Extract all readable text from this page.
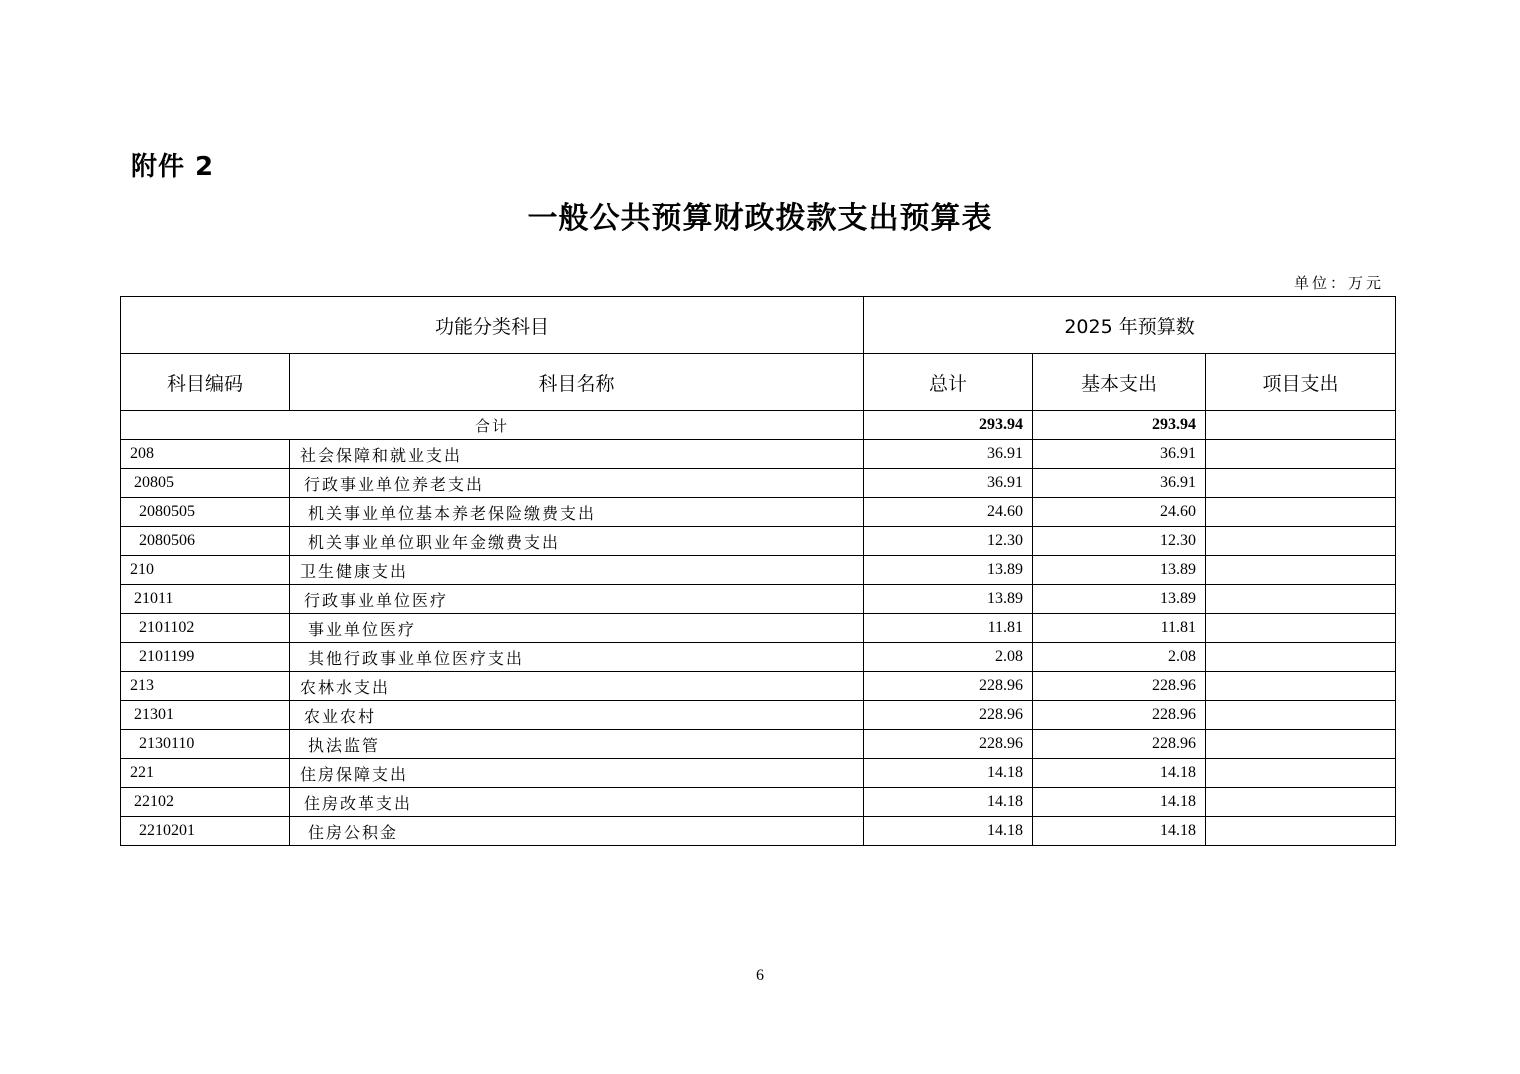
附件 2
一般公共预算财政拨款支出预算表
单位：万元
功能分类科目		2025 年预算数		
科目编码	科目名称	总计	基本支出	项目支出
合计		293.94	293.94	
208	社会保障和就业支出	36.91	36.91	
20805	行政事业单位养老支出	36.91	36.91	
2080505	机关事业单位基本养老保险缴费支出	24.60	24.60	
2080506	机关事业单位职业年金缴费支出	12.30	12.30	
210	卫生健康支出	13.89	13.89	
21011	行政事业单位医疗	13.89	13.89	
2101102	事业单位医疗	11.81	11.81	
2101199	其他行政事业单位医疗支出	2.08	2.08	
213	农林水支出	228.96	228.96	
21301	农业农村	228.96	228.96	
2130110	执法监管	228.96	228.96	
221	住房保障支出	14.18	14.18	
22102	住房改革支出	14.18	14.18	
2210201	住房公积金	14.18	14.18	
6
